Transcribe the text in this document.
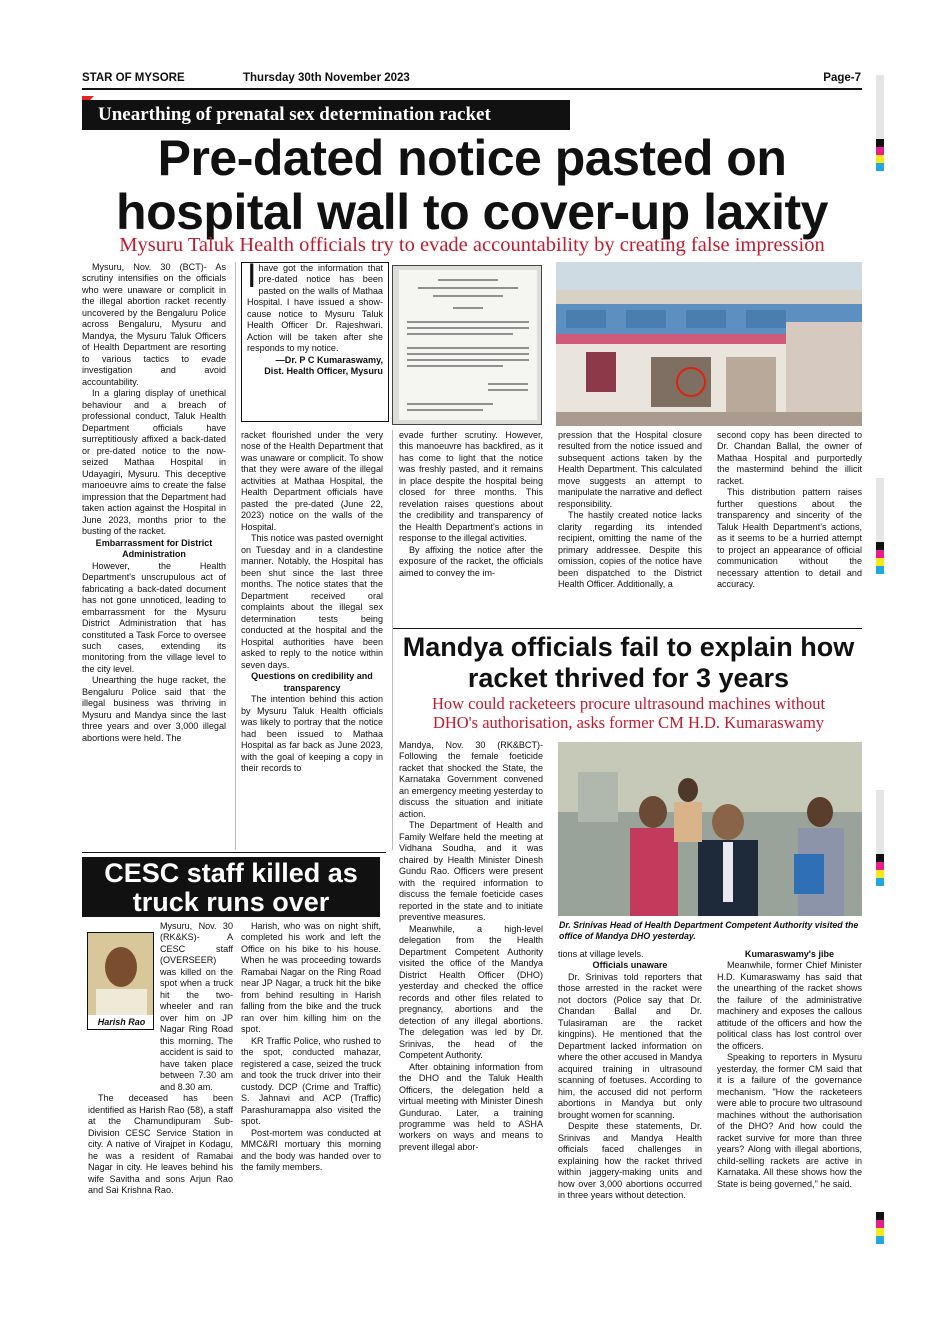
STAR OF MYSORE	Thursday 30th November 2023	Page-7
Unearthing of prenatal sex determination racket
Pre-dated notice pasted on
hospital wall to cover-up laxity
Mysuru Taluk Health officials try to evade accountability by creating false impression

Mysuru, Nov. 30 (BCT)- As scrutiny intensifies on the officials who were unaware or complicit in the illegal abortion racket recently uncovered by the Bengaluru Police across Bengaluru, Mysuru and Mandya, the Mysuru Taluk Officers of Health Department are resorting to various tactics to evade investigation and avoid accountability.

In a glaring display of unethical behaviour and a breach of professional conduct, Taluk Health Department officials have surreptitiously affixed a back-dated or pre-dated notice to the now-seized Mathaa Hospital in Udayagiri, Mysuru. This deceptive manoeuvre aims to create the false impression that the Department had taken action against the Hospital in June 2023, months prior to the busting of the racket.

Embarrassment for District Administration

However, the Health Department's unscrupulous act of fabricating a back-dated document has not gone unnoticed, leading to embarrassment for the Mysuru District Administration that has constituted a Task Force to oversee such cases, extending its monitoring from the village level to the city level.

Unearthing the huge racket, the Bengaluru Police said that the illegal business was thriving in Mysuru and Mandya since the last three years and over 3,000 illegal abortions were held. The

Ihave got the information that pre-dated notice has been pasted on the walls of Mathaa Hospital. I have issued a show-cause notice to Mysuru Taluk Health Officer Dr. Rajeshwari. Action will be taken after she responds to my notice.
—Dr. P C Kumaraswamy,
Dist. Health Officer, Mysuru

racket flourished under the very nose of the Health Department that was unaware or complicit. To show that they were aware of the illegal activities at Mathaa Hospital, the Health Department officials have pasted the pre-dated (June 22, 2023) notice on the walls of the Hospital.

This notice was pasted overnight on Tuesday and in a clandestine manner. Notably, the Hospital has been shut since the last three months. The notice states that the Department received oral complaints about the illegal sex determination tests being conducted at the hospital and the Hospital authorities have been asked to reply to the notice within seven days.

Questions on credibility and transparency

The intention behind this action by Mysuru Taluk Health officials was likely to portray that the notice had been issued to Mathaa Hospital as far back as June 2023, with the goal of keeping a copy in their records to

evade further scrutiny. However, this manoeuvre has backfired, as it has come to light that the notice was freshly pasted, and it remains in place despite the hospital being closed for three months. This revelation raises questions about the credibility and transparency of the Health Department's actions in response to the illegal activities.

By affixing the notice after the exposure of the racket, the officials aimed to convey the im-

pression that the Hospital closure resulted from the notice issued and subsequent actions taken by the Health Department. This calculated move suggests an attempt to manipulate the narrative and deflect responsibility.

The hastily created notice lacks clarity regarding its intended recipient, omitting the name of the primary addressee. Despite this omission, copies of the notice have been dispatched to the District Health Officer. Additionally, a

second copy has been directed to Dr. Chandan Ballal, the owner of Mathaa Hospital and purportedly the mastermind behind the illicit racket.

This distribution pattern raises further questions about the transparency and sincerity of the Taluk Health Department's actions, as it seems to be a hurried attempt to project an appearance of official communication without the necessary attention to detail and accuracy.

Mandya officials fail to explain how
racket thrived for 3 years
How could racketeers procure ultrasound machines without
DHO's authorisation, asks former CM H.D. Kumaraswamy

Mandya, Nov. 30 (RK&BCT)- Following the female foeticide racket that shocked the State, the Karnataka Government convened an emergency meeting yesterday to discuss the situation and initiate action.

The Department of Health and Family Welfare held the meeting at Vidhana Soudha, and it was chaired by Health Minister Dinesh Gundu Rao. Officers were present with the required information to discuss the female foeticide cases reported in the state and to initiate preventive measures.

Meanwhile, a high-level delegation from the Health Department Competent Authority visited the office of the Mandya District Health Officer (DHO) yesterday and checked the office records and other files related to pregnancy, abortions and the detection of any illegal abortions. The delegation was led by Dr. Srinivas, the head of the Competent Authority.

After obtaining information from the DHO and the Taluk Health Officers, the delegation held a virtual meeting with Minister Dinesh Gundurao. Later, a training programme was held to ASHA workers on ways and means to prevent illegal abor-

Dr. Srinivas Head of Health Department Competent Authority visited the office of Mandya DHO yesterday.

tions at village levels.

Officials unaware

Dr. Srinivas told reporters that those arrested in the racket were not doctors (Police say that Dr. Chandan Ballal and Dr. Tulasiraman are the racket kingpins). He mentioned that the Department lacked information on where the other accused in Mandya acquired training in ultrasound scanning of foetuses. According to him, the accused did not perform abortions in Mandya but only brought women for scanning.

Despite these statements, Dr. Srinivas and Mandya Health officials faced challenges in explaining how the racket thrived within jaggery-making units and how over 3,000 abortions occurred in three years without detection.

Kumaraswamy's jibe

Meanwhile, former Chief Minister H.D. Kumaraswamy has said that the unearthing of the racket shows the failure of the administrative machinery and exposes the callous attitude of the officers and how the political class has lost control over the officers.

Speaking to reporters in Mysuru yesterday, the former CM said that it is a failure of the governance mechanism. "How the racketeers were able to procure two ultrasound machines without the authorisation of the DHO? And how could the racket survive for more than three years? Along with illegal abortions, child-selling rackets are active in Karnataka. All these shows how the State is being governed," he said.

CESC staff killed as
truck runs over
Harish Rao

Mysuru, Nov. 30 (RK&KS)- A CESC staff (OVERSEER) was killed on the spot when a truck hit the two-wheeler and ran over him on JP Nagar Ring Road this morning. The accident is said to have taken place between 7.30 am and 8.30 am.

The deceased has been identified as Harish Rao (58), a staff at the Chamundipuram Sub-Division CESC Service Station in city. A native of Virajpet in Kodagu, he was a resident of Ramabai Nagar in city. He leaves behind his wife Savitha and sons Arjun Rao and Sai Krishna Rao.

Harish, who was on night shift, completed his work and left the Office on his bike to his house. When he was proceeding towards Ramabai Nagar on the Ring Road near JP Nagar, a truck hit the bike from behind resulting in Harish falling from the bike and the truck ran over him killing him on the spot.

KR Traffic Police, who rushed to the spot, conducted mahazar, registered a case, seized the truck and took the truck driver into their custody. DCP (Crime and Traffic) S. Jahnavi and ACP (Traffic) Parashuramappa also visited the spot.

Post-mortem was conducted at MMC&RI mortuary this morning and the body was handed over to the family members.
